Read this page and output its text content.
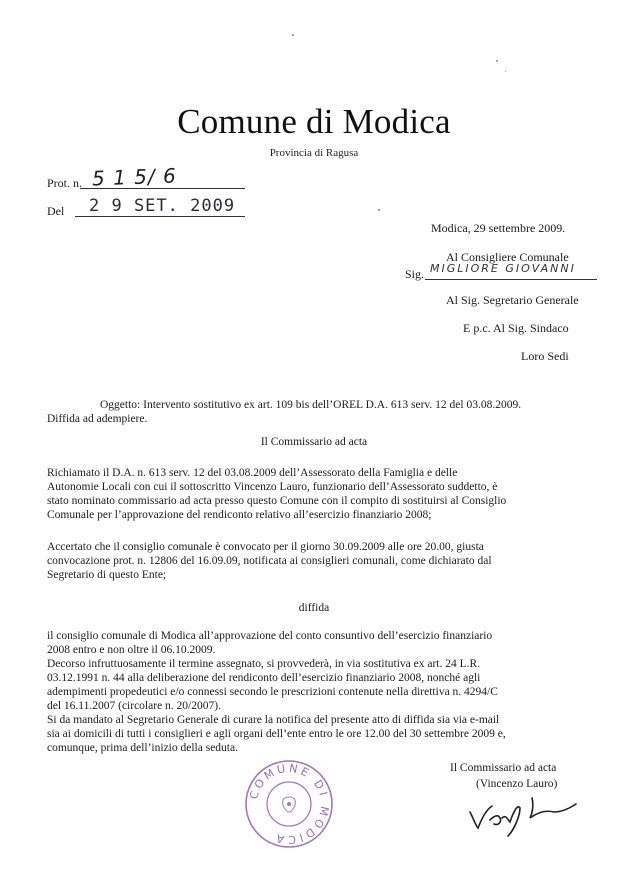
Comune di Modica
Provincia di Ragusa
Prot. n. 5 1 5/ 6
Del 2 9 SET. 2009
Modica, 29 settembre 2009.
Al Consigliere Comunale
Sig. MIGLIORE GIOVANNI
Al Sig. Segretario Generale
E p.c. Al Sig. Sindaco
Loro Sedi
Oggetto: Intervento sostitutivo ex art. 109 bis dell’OREL D.A. 613 serv. 12 del 03.08.2009.
Diffida ad adempiere.
Il Commissario ad acta
Richiamato il D.A. n. 613 serv. 12 del 03.08.2009 dell’Assessorato della Famiglia e delle
Autonomie Locali con cui il sottoscritto Vincenzo Lauro, funzionario dell’Assessorato suddetto, è
stato nominato commissario ad acta presso questo Comune con il compito di sostituirsi al Consiglio
Comunale per l’approvazione del rendiconto relativo all’esercizio finanziario 2008;
Accertato che il consiglio comunale è convocato per il giorno 30.09.2009 alle ore 20.00, giusta
convocazione prot. n. 12806 del 16.09.09, notificata ai consiglieri comunali, come dichiarato dal
Segretario di questo Ente;
diffida
il consiglio comunale di Modica all’approvazione del conto consuntivo dell’esercizio finanziario
2008 entro e non oltre il 06.10.2009.
Decorso infruttuosamente il termine assegnato, si provvederà, in via sostitutiva ex art. 24 L.R.
03.12.1991 n. 44 alla deliberazione del rendiconto dell’esercizio finanziario 2008, nonché agli
adempimenti propedeutici e/o connessi secondo le prescrizioni contenute nella direttiva n. 4294/C
del 16.11.2007 (circolare n. 20/2007).
Si da mandato al Segretario Generale di curare la notifica del presente atto di diffida sia via e-mail
sia ai domicili di tutti i consiglieri e agli organi dell’ente entro le ore 12.00 del 30 settembre 2009 e,
comunque, prima dell’inizio della seduta.
Il Commissario ad acta
(Vincenzo Lauro)
COMUNE DI MODICA
